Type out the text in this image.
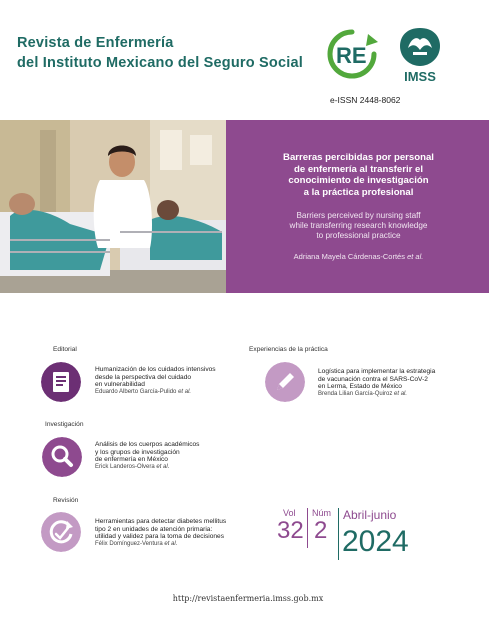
Revista de Enfermería
del Instituto Mexicano del Seguro Social	RE
IMSS
e-ISSN 2448-8062
Barreras percibidas por personal
de enfermería al transferir el
conocimiento de investigación
a la práctica profesional
Barriers perceived by nursing staff
while transferring research knowledge
to professional practice
Adriana Mayela Cárdenas-Cortés et al.
Editorial
Humanización de los cuidados intensivos
desde la perspectiva del cuidado
en vulnerabilidad
Eduardo Alberto García-Pulido et al.
Experiencias de la práctica
Logística para implementar la estrategia
de vacunación contra el SARS-CoV-2
en Lerma, Estado de México
Brenda Lilian García-Quiroz et al.
Investigación
Análisis de los cuerpos académicos
y los grupos de investigación
de enfermería en México
Erick Landeros-Olvera et al.
Revisión
Herramientas para detectar diabetes mellitus
tipo 2 en unidades de atención primaria:
utilidad y validez para la toma de decisiones
Félix Domínguez-Ventura et al.
Vol
32
Núm
2
Abril-junio
2024
http://revistaenfermeria.imss.gob.mx
